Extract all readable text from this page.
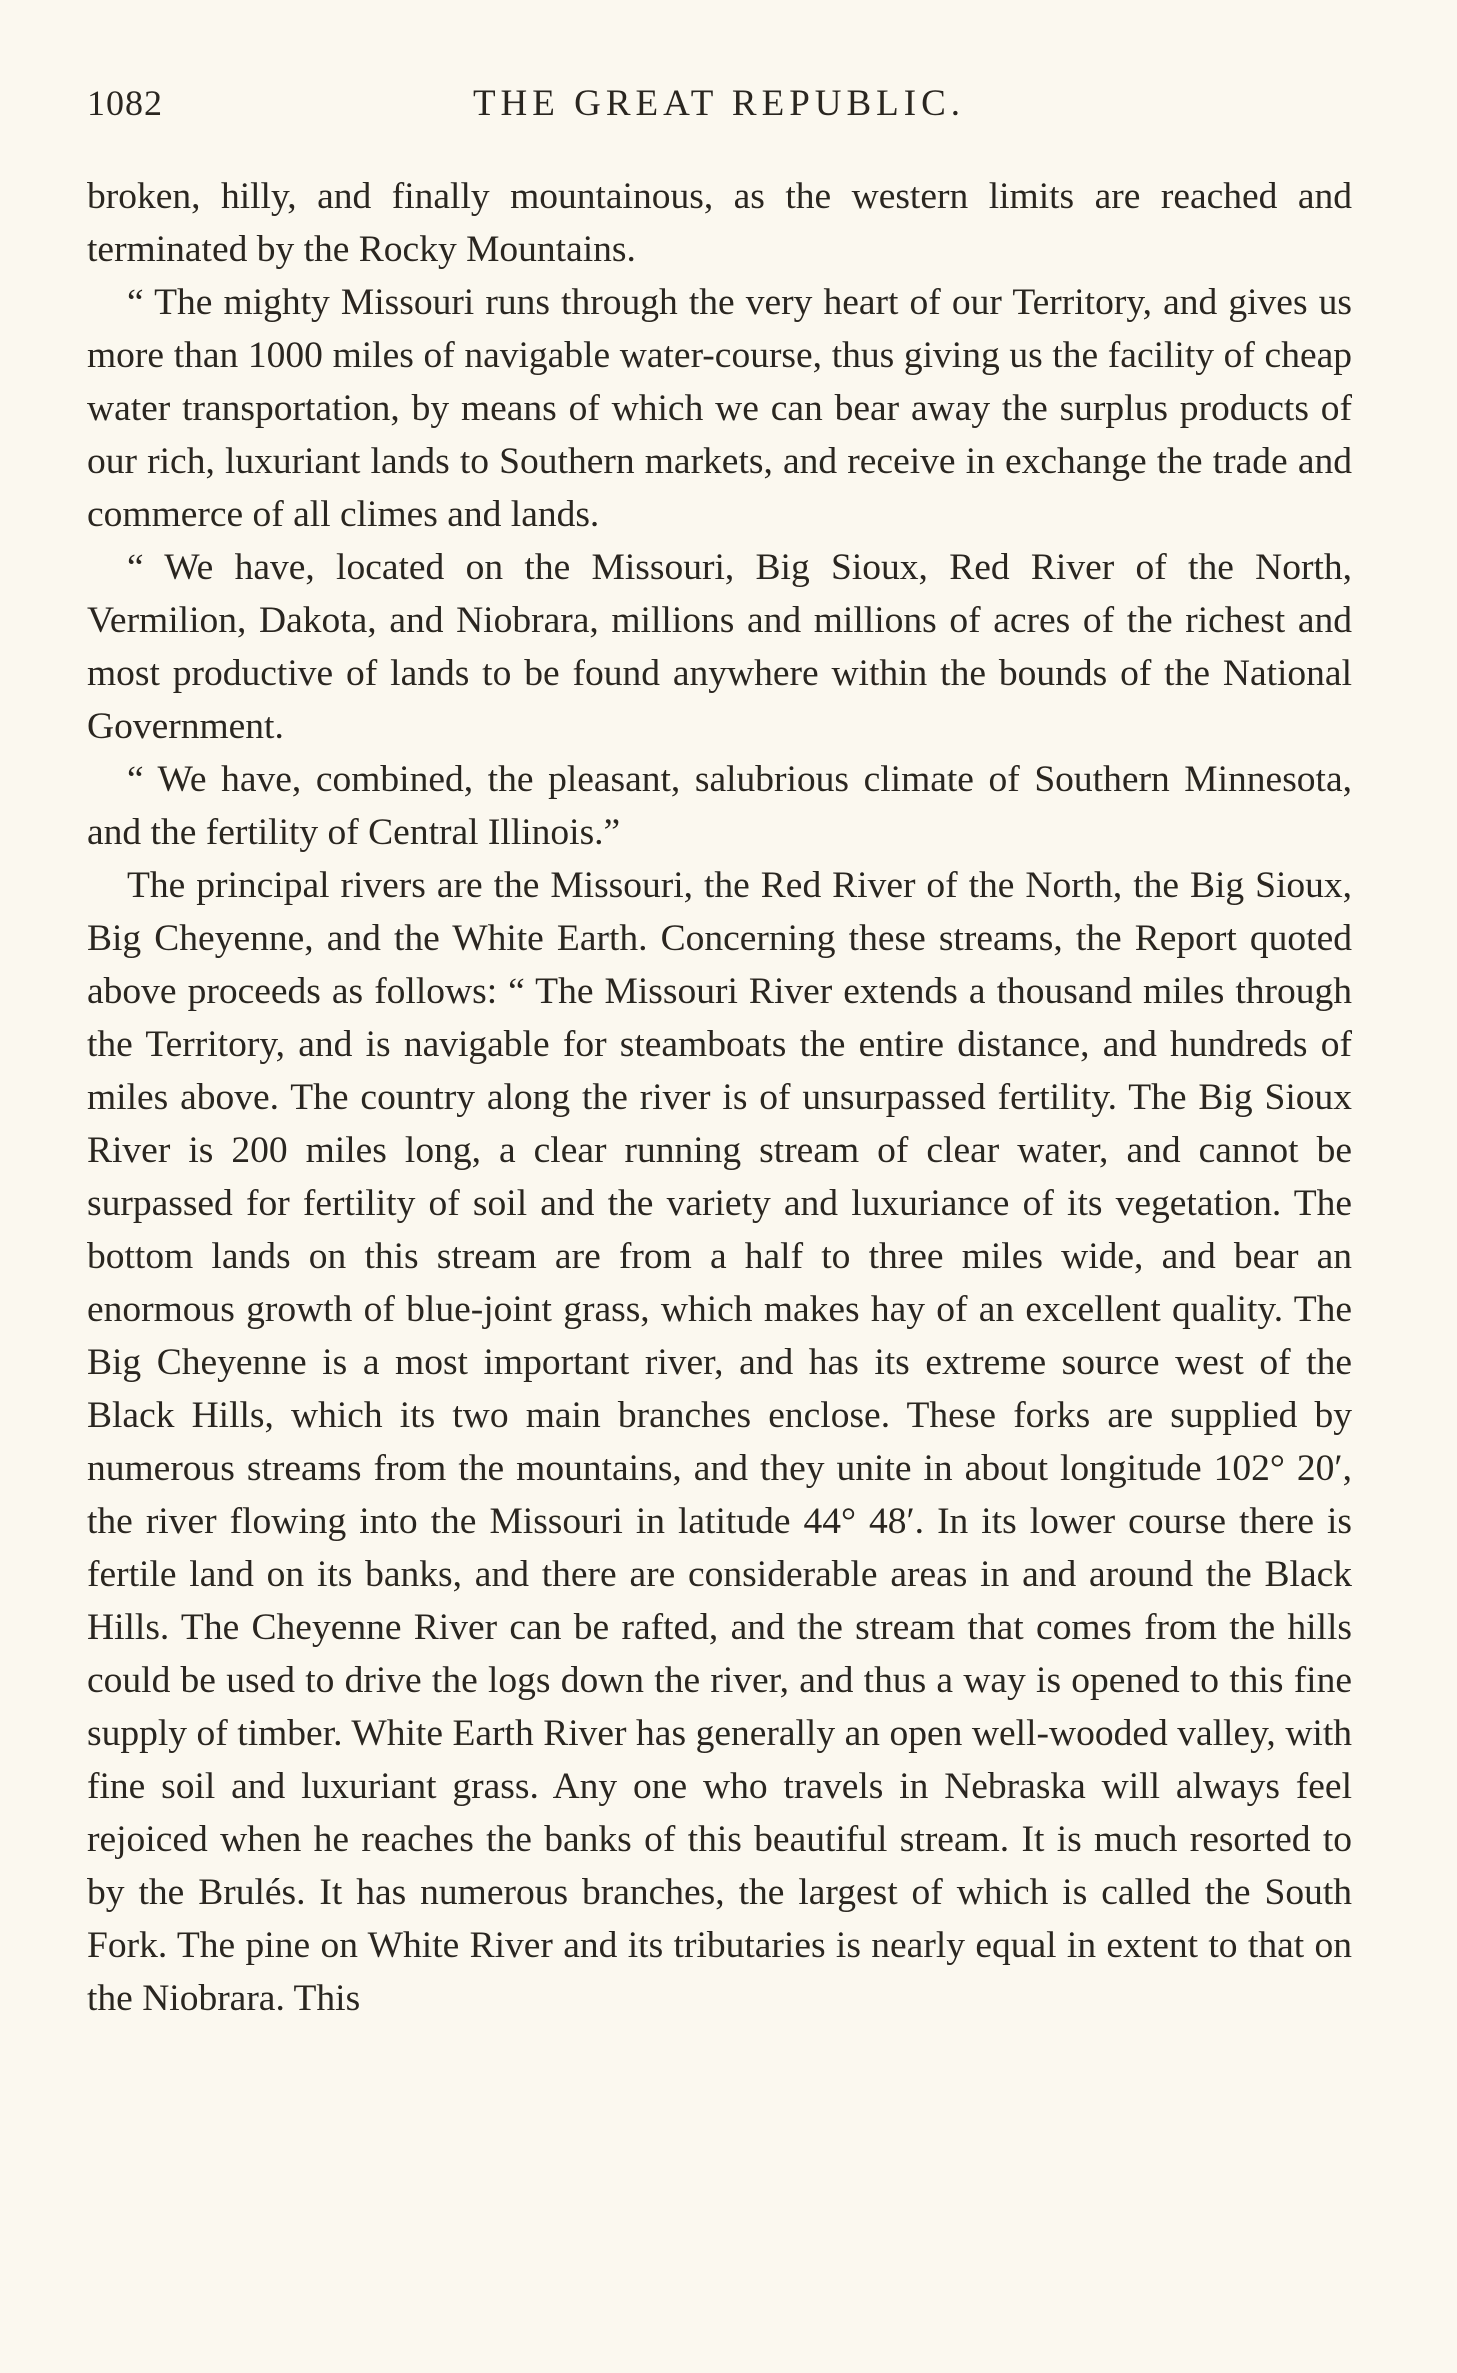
1082	THE GREAT REPUBLIC.

broken, hilly, and finally mountainous, as the western limits are reached and terminated by the Rocky Mountains.

“ The mighty Missouri runs through the very heart of our Territory, and gives us more than 1000 miles of navigable water-course, thus giving us the facility of cheap water transportation, by means of which we can bear away the surplus products of our rich, luxuriant lands to Southern markets, and receive in exchange the trade and commerce of all climes and lands.

“ We have, located on the Missouri, Big Sioux, Red River of the North, Vermilion, Dakota, and Niobrara, millions and millions of acres of the richest and most productive of lands to be found anywhere within the bounds of the National Government.

“ We have, combined, the pleasant, salubrious climate of Southern Minnesota, and the fertility of Central Illinois.”

The principal rivers are the Missouri, the Red River of the North, the Big Sioux, Big Cheyenne, and the White Earth. Concerning these streams, the Report quoted above proceeds as follows: “ The Missouri River extends a thousand miles through the Territory, and is navigable for steamboats the entire distance, and hundreds of miles above. The country along the river is of unsurpassed fertility. The Big Sioux River is 200 miles long, a clear running stream of clear water, and cannot be surpassed for fertility of soil and the variety and luxuriance of its vegetation. The bottom lands on this stream are from a half to three miles wide, and bear an enormous growth of blue-joint grass, which makes hay of an excellent quality. The Big Cheyenne is a most important river, and has its extreme source west of the Black Hills, which its two main branches enclose. These forks are supplied by numerous streams from the mountains, and they unite in about longitude 102° 20′, the river flowing into the Missouri in latitude 44° 48′. In its lower course there is fertile land on its banks, and there are considerable areas in and around the Black Hills. The Cheyenne River can be rafted, and the stream that comes from the hills could be used to drive the logs down the river, and thus a way is opened to this fine supply of timber. White Earth River has generally an open well-wooded valley, with fine soil and luxuriant grass. Any one who travels in Nebraska will always feel rejoiced when he reaches the banks of this beautiful stream. It is much resorted to by the Brulés. It has numerous branches, the largest of which is called the South Fork. The pine on White River and its tributaries is nearly equal in extent to that on the Niobrara. This
